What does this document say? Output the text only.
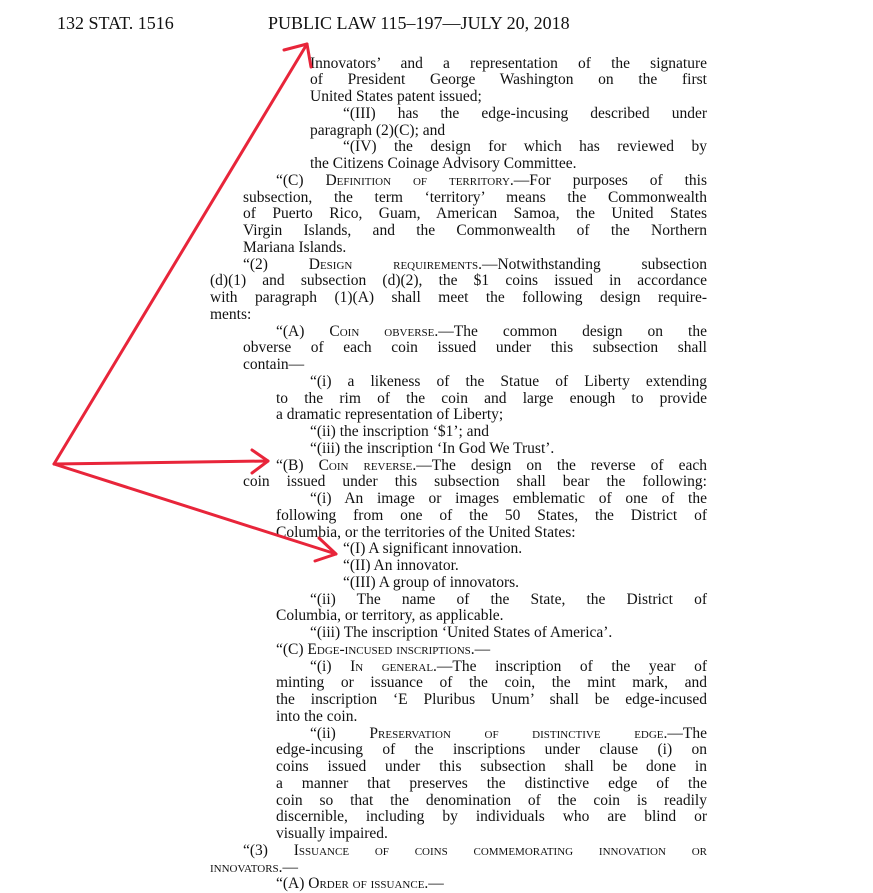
132 STAT. 1516	PUBLIC LAW 115–197—JULY 20, 2018
Innovators’ and a representation of the signature
of President George Washington on the first
United States patent issued;
“(III) has the edge-incusing described under
paragraph (2)(C); and
“(IV) the design for which has reviewed by
the Citizens Coinage Advisory Committee.
“(C) Definition of territory.—For purposes of this
subsection, the term ‘territory’ means the Commonwealth
of Puerto Rico, Guam, American Samoa, the United States
Virgin Islands, and the Commonwealth of the Northern
Mariana Islands.
“(2) Design requirements.—Notwithstanding subsection
(d)(1) and subsection (d)(2), the $1 coins issued in accordance
with paragraph (1)(A) shall meet the following design require-
ments:
“(A) Coin obverse.—The common design on the
obverse of each coin issued under this subsection shall
contain—
“(i) a likeness of the Statue of Liberty extending
to the rim of the coin and large enough to provide
a dramatic representation of Liberty;
“(ii) the inscription ‘$1’; and
“(iii) the inscription ‘In God We Trust’.
“(B) Coin reverse.—The design on the reverse of each
coin issued under this subsection shall bear the following:
“(i) An image or images emblematic of one of the
following from one of the 50 States, the District of
Columbia, or the territories of the United States:
“(I) A significant innovation.
“(II) An innovator.
“(III) A group of innovators.
“(ii) The name of the State, the District of
Columbia, or territory, as applicable.
“(iii) The inscription ‘United States of America’.
“(C) Edge-incused inscriptions.—
“(i) In general.—The inscription of the year of
minting or issuance of the coin, the mint mark, and
the inscription ‘E Pluribus Unum’ shall be edge-incused
into the coin.
“(ii) Preservation of distinctive edge.—The
edge-incusing of the inscriptions under clause (i) on
coins issued under this subsection shall be done in
a manner that preserves the distinctive edge of the
coin so that the denomination of the coin is readily
discernible, including by individuals who are blind or
visually impaired.
“(3) Issuance of coins commemorating innovation or
innovators.—
“(A) Order of issuance.—
